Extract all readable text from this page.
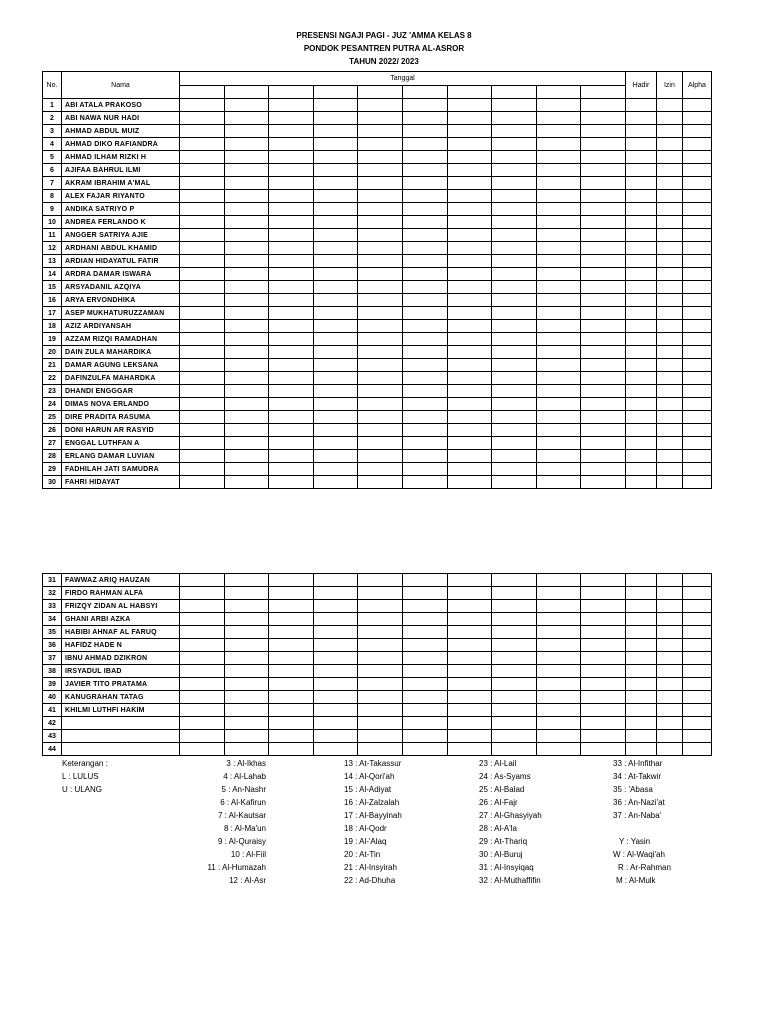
PRESENSI NGAJI PAGI - JUZ 'AMMA KELAS 8
PONDOK PESANTREN PUTRA AL-ASROR
TAHUN 2022/ 2023
No.	Nama	Tanggal										Hadir	Izin	Alpha

1	ABI ATALA PRAKOSO													
2	ABI NAWA NUR HADI													
3	AHMAD ABDUL MUIZ													
4	AHMAD DIKO RAFIANDRA													
5	AHMAD ILHAM RIZKI H													
6	AJIFAA BAHRUL ILMI													
7	AKRAM IBRAHIM A'MAL													
8	ALEX FAJAR RIYANTO													
9	ANDIKA SATRIYO P													
10	ANDREA FERLANDO K													
11	ANGGER SATRIYA AJIE													
12	ARDHANI ABDUL KHAMID													
13	ARDIAN HIDAYATUL FATIR													
14	ARDRA DAMAR ISWARA													
15	ARSYADANIL AZQIYA													
16	ARYA ERVONDHIKA													
17	ASEP MUKHATURUZZAMAN													
18	AZIZ ARDIYANSAH													
19	AZZAM RIZQI RAMADHAN													
20	DAIN ZULA MAHARDIKA													
21	DAMAR AGUNG LEKSANA													
22	DAFINZULFA MAHARDKA													
23	DHANDI ENGGGAR													
24	DIMAS NOVA ERLANDO													
25	DIRE PRADITA RASUMA													
26	DONI HARUN AR RASYID													
27	ENGGAL LUTHFAN A													
28	ERLANG DAMAR LUVIAN													
29	FADHILAH JATI SAMUDRA													
30	FAHRI HIDAYAT													
31	FAWWAZ ARIQ HAUZAN													
32	FIRDO RAHMAN ALFA													
33	FRIZQY ZIDAN AL HABSYI													
34	GHANI ARBI AZKA													
35	HABIBI AHNAF AL FARUQ													
36	HAFIDZ HADE N													
37	IBNU AHMAD DZIKRON													
38	IRSYADUL IBAD													
39	JAVIER TITO PRATAMA													
40	KANUGRAHAN TATAG													
41	KHILMI LUTHFI HAKIM													
42														
43														
44														
Keterangan :
L : LULUS
U : ULANG
3 : Al-Ikhas
4 : Al-Lahab
5 : An-Nashr
6 : Al-Kafirun
7 : Al-Kautsar
8 : Al-Ma'un
9 : Al-Quraisy
10 : Al-Fiil
11 : Al-Humazah
12 : Al-Asr
13 : At-Takassur
14 : Al-Qori'ah
15 : Al-Adiyat
16 : Al-Zalzalah
17 : Al-Bayyinah
18 : Al-Qodr
19 : Al-'Alaq
20 : At-Tin
21 : Al-Insyirah
22 : Ad-Dhuha
23 : Al-Lail
24 : As-Syams
25 : Al-Balad
26 : Al-Fajr
27 : Al-Ghasyiyah
28 : Al-A'la
29 : At-Thariq
30 : Al-Buruj
31 : Al-Insyiqaq
32 : Al-Muthaffifin
33 : Al-Infithar
34 : At-Takwir
35 : 'Abasa
36 : An-Nazi'at
37 : An-Naba'

Y : Yasin
W : Al-Waqi'ah
R : Ar-Rahman
M : Al-Mulk
